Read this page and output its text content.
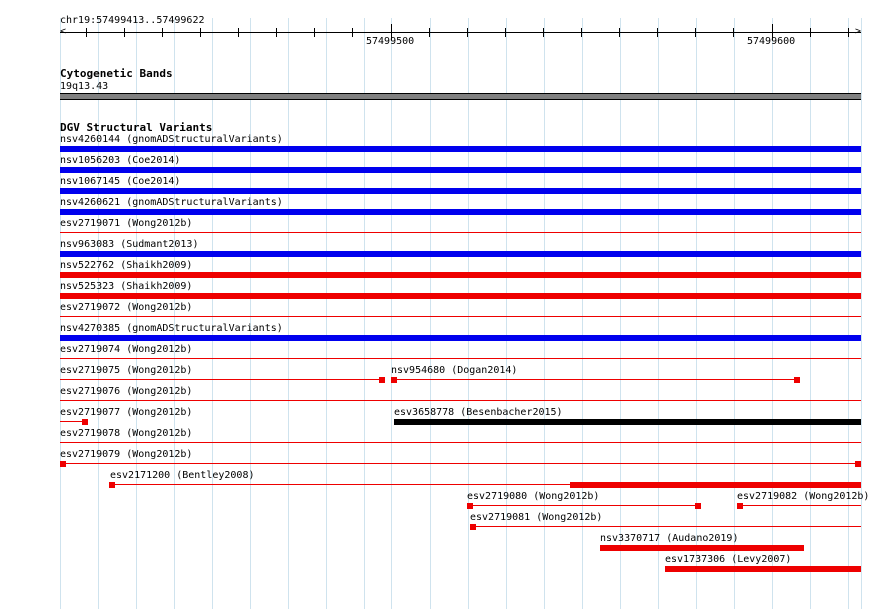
chr19:57499413..57499622
57499500	57499600
Cytogenetic Bands
19q13.43
DGV Structural Variants
nsv4260144 (gnomADStructuralVariants)
nsv1056203 (Coe2014)
nsv1067145 (Coe2014)
nsv4260621 (gnomADStructuralVariants)
esv2719071 (Wong2012b)
nsv963083 (Sudmant2013)
nsv522762 (Shaikh2009)
nsv525323 (Shaikh2009)
esv2719072 (Wong2012b)
nsv4270385 (gnomADStructuralVariants)
esv2719074 (Wong2012b)
esv2719075 (Wong2012b)	nsv954680 (Dogan2014)
esv2719076 (Wong2012b)
esv2719077 (Wong2012b)	esv3658778 (Besenbacher2015)
esv2719078 (Wong2012b)
esv2719079 (Wong2012b)
esv2171200 (Bentley2008)
esv2719080 (Wong2012b)	esv2719082 (Wong2012b)
esv2719081 (Wong2012b)
nsv3370717 (Audano2019)
esv1737306 (Levy2007)
